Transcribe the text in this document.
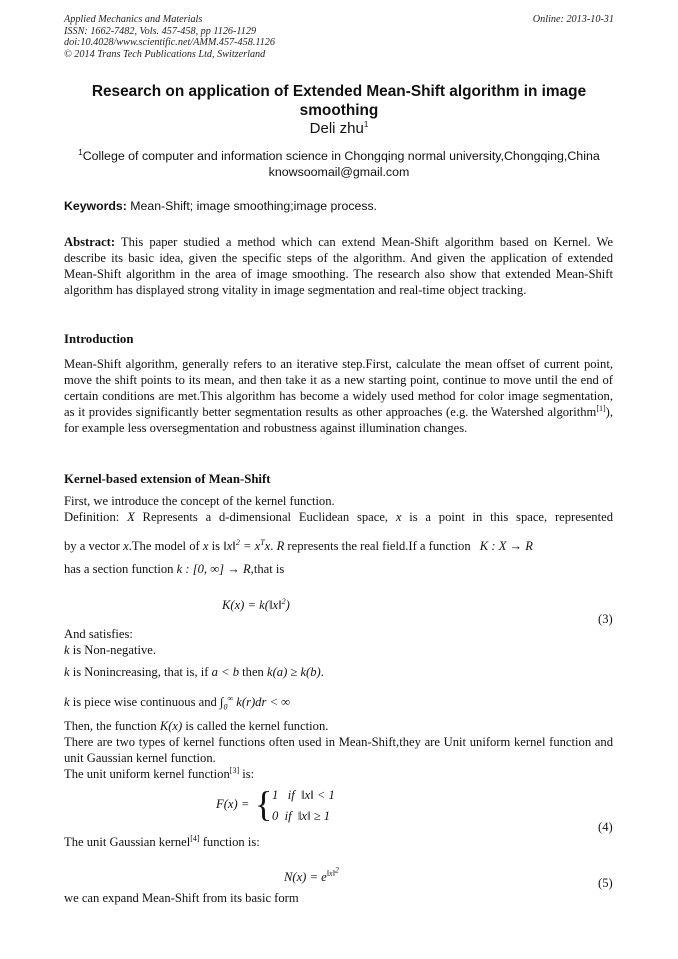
Applied Mechanics and Materials
ISSN: 1662-7482, Vols. 457-458, pp 1126-1129
doi:10.4028/www.scientific.net/AMM.457-458.1126
© 2014 Trans Tech Publications Ltd, Switzerland
Online: 2013-10-31
Research on application of Extended Mean-Shift algorithm in image smoothing
Deli zhu$^1$
$^1$College of computer and information science in Chongqing normal university,Chongqing,China
knowsoomail@gmail.com
Keywords: Mean-Shift; image smoothing;image process.
Abstract: This paper studied a method which can extend Mean-Shift algorithm based on Kernel. We describe its basic idea, given the specific steps of the algorithm. And given the application of extended Mean-Shift algorithm in the area of image smoothing. The research also show that extended Mean-Shift algorithm has displayed strong vitality in image segmentation and real-time object tracking.
Introduction
Mean-Shift algorithm, generally refers to an iterative step.First, calculate the mean offset of current point, move the shift points to its mean, and then take it as a new starting point, continue to move until the end of certain conditions are met.This algorithm has become a widely used method for color image segmentation, as it provides significantly better segmentation results as other approaches (e.g. the Watershed algorithm[1]), for example less oversegmentation and robustness against illumination changes.
Kernel-based extension of Mean-Shift
First, we introduce the concept of the kernel function.
Definition: X Represents a d-dimensional Euclidean space, x is a point in this space, represented
by a vector x.The model of x is ‖x‖$^2$ = $x^Tx$. R represents the real field.If a function K : X → R
has a section function k : [0, ∞] → R,that is
K(x) = k(‖x‖$^2$)
(3)
And satisfies:
k is Non-negative.
k is Nonincreasing, that is, if a < b then k(a) ≥ k(b).
k is piece wise continuous and $\int_0^\infty$ k(r)dr < ∞
Then, the function K(x) is called the kernel function.
There are two types of kernel functions often used in Mean-Shift,they are Unit uniform kernel function and unit Gaussian kernel function.
The unit uniform kernel function[3] is:
F(x) = { 1   if  ‖x‖ < 1
0  if  ‖x‖ ≥ 1
(4)
The unit Gaussian kernel[4] function is:
$N(x) = e^{‖x‖^2}$
(5)
we can expand Mean-Shift from its basic form
